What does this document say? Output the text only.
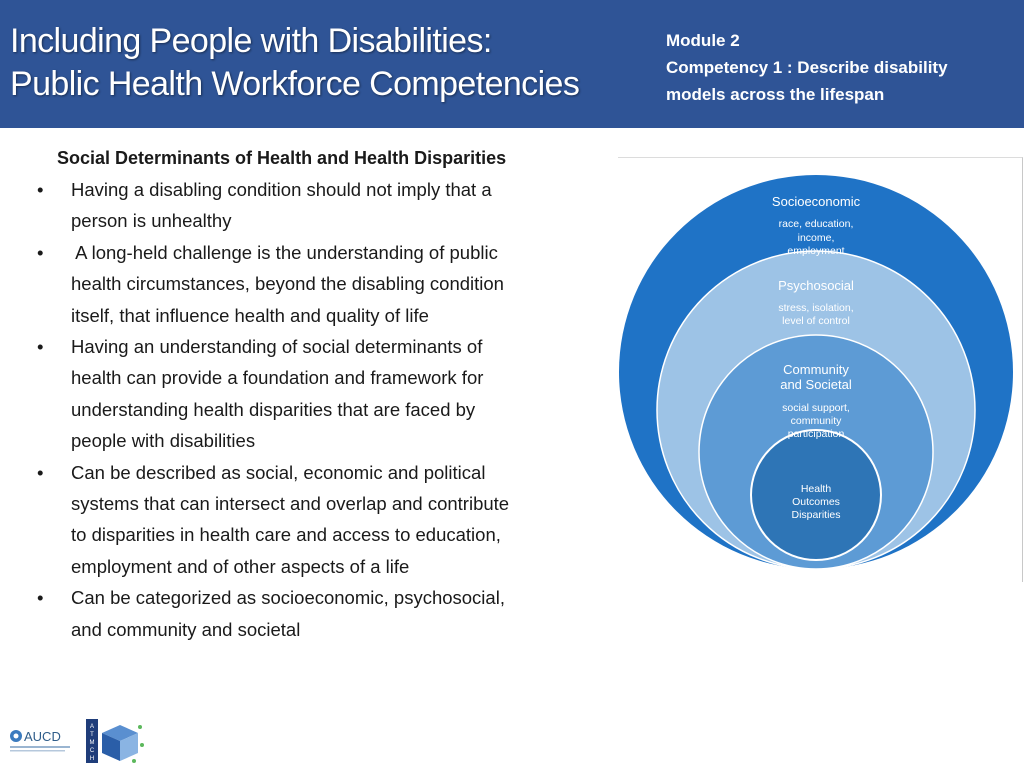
Including People with Disabilities:
Public Health Workforce Competencies
Module 2
Competency 1 : Describe disability
models across the lifespan
Social Determinants of Health and Health Disparities
• Having a disabling condition should not imply that a
person is unhealthy
• A long-held challenge is the understanding of public
health circumstances, beyond the disabling condition
itself, that influence health and quality of life
• Having an understanding of social determinants of
health can provide a foundation and framework for
understanding health disparities that are faced by
people with disabilities
• Can be described as social, economic and political
systems that can intersect and overlap and contribute
to disparities in health care and access to education,
employment and of other aspects of a life
• Can be categorized as socioeconomic, psychosocial,
and community and societal
Socioeconomic
race, education,
income,
employment
Psychosocial
stress, isolation,
level of control
Community
and Societal
social support,
community
participation
Health
Outcomes
Disparities
AUCD
A
T
M
C
H
